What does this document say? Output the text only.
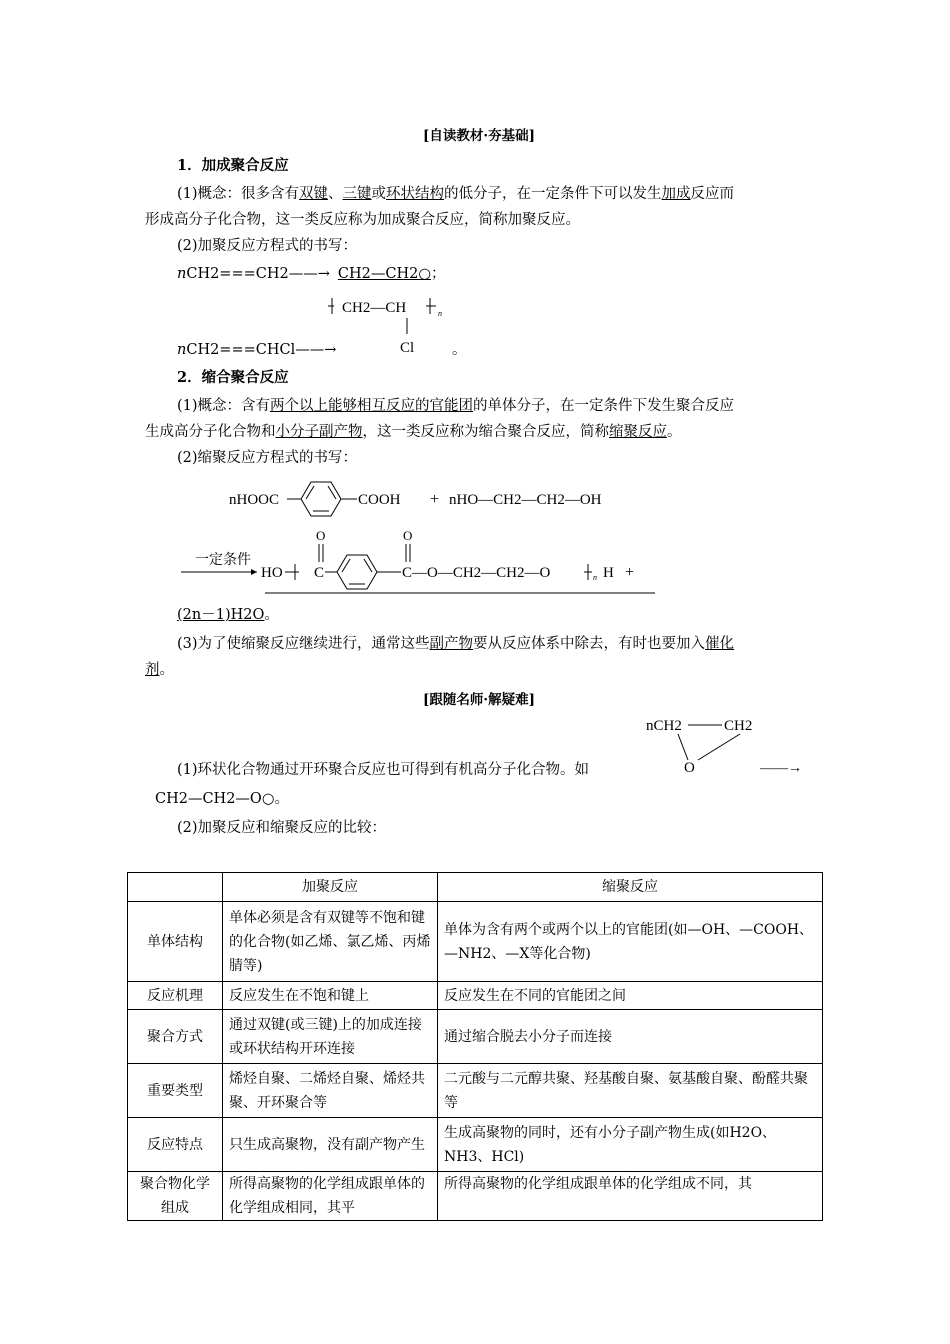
[自读教材·夯基础]
1．加成聚合反应
(1)概念：很多含有双键、三键或环状结构的低分子，在一定条件下可以发生加成反应而
形成高分子化合物，这一类反应称为加成聚合反应，简称加聚反应。
(2)加聚反应方程式的书写：
nCH2===CH2——→ CH2—CH2○；
CH2—CH	n
Cl
nCH2===CHCl——→	。
2．缩合聚合反应
(1)概念：含有两个以上能够相互反应的官能团的单体分子，在一定条件下发生聚合反应
生成高分子化合物和小分子副产物，这一类反应称为缩合聚合反应，简称缩聚反应。
(2)缩聚反应方程式的书写：
nHOOC	COOH + nHO—CH2—CH2—OH
O	O
一定条件
HO C	C—O—CH2—CH2—O	n H +
(2n－1)H2O。
(3)为了使缩聚反应继续进行，通常这些副产物要从反应体系中除去，有时也要加入催化
剂。
[跟随名师·解疑难]
nCH2	CH2
O	——→
(1)环状化合物通过开环聚合反应也可得到有机高分子化合物。如
CH2—CH2—O○。
(2)加聚反应和缩聚反应的比较：
	加聚反应	缩聚反应
单体结构	单体必须是含有双键等不饱和键的化合物(如乙烯、氯乙烯、丙烯腈等)	单体为含有两个或两个以上的官能团(如—OH、—COOH、—NH2、—X等化合物)
反应机理	反应发生在不饱和键上	反应发生在不同的官能团之间
聚合方式	通过双键(或三键)上的加成连接或环状结构开环连接	通过缩合脱去小分子而连接
重要类型	烯烃自聚、二烯烃自聚、烯烃共聚、开环聚合等	二元酸与二元醇共聚、羟基酸自聚、氨基酸自聚、酚醛共聚等
反应特点	只生成高聚物，没有副产物产生	生成高聚物的同时，还有小分子副产物生成(如H2O、NH3、HCl)
聚合物化学组成	所得高聚物的化学组成跟单体的化学组成相同，其平	所得高聚物的化学组成跟单体的化学组成不同，其
